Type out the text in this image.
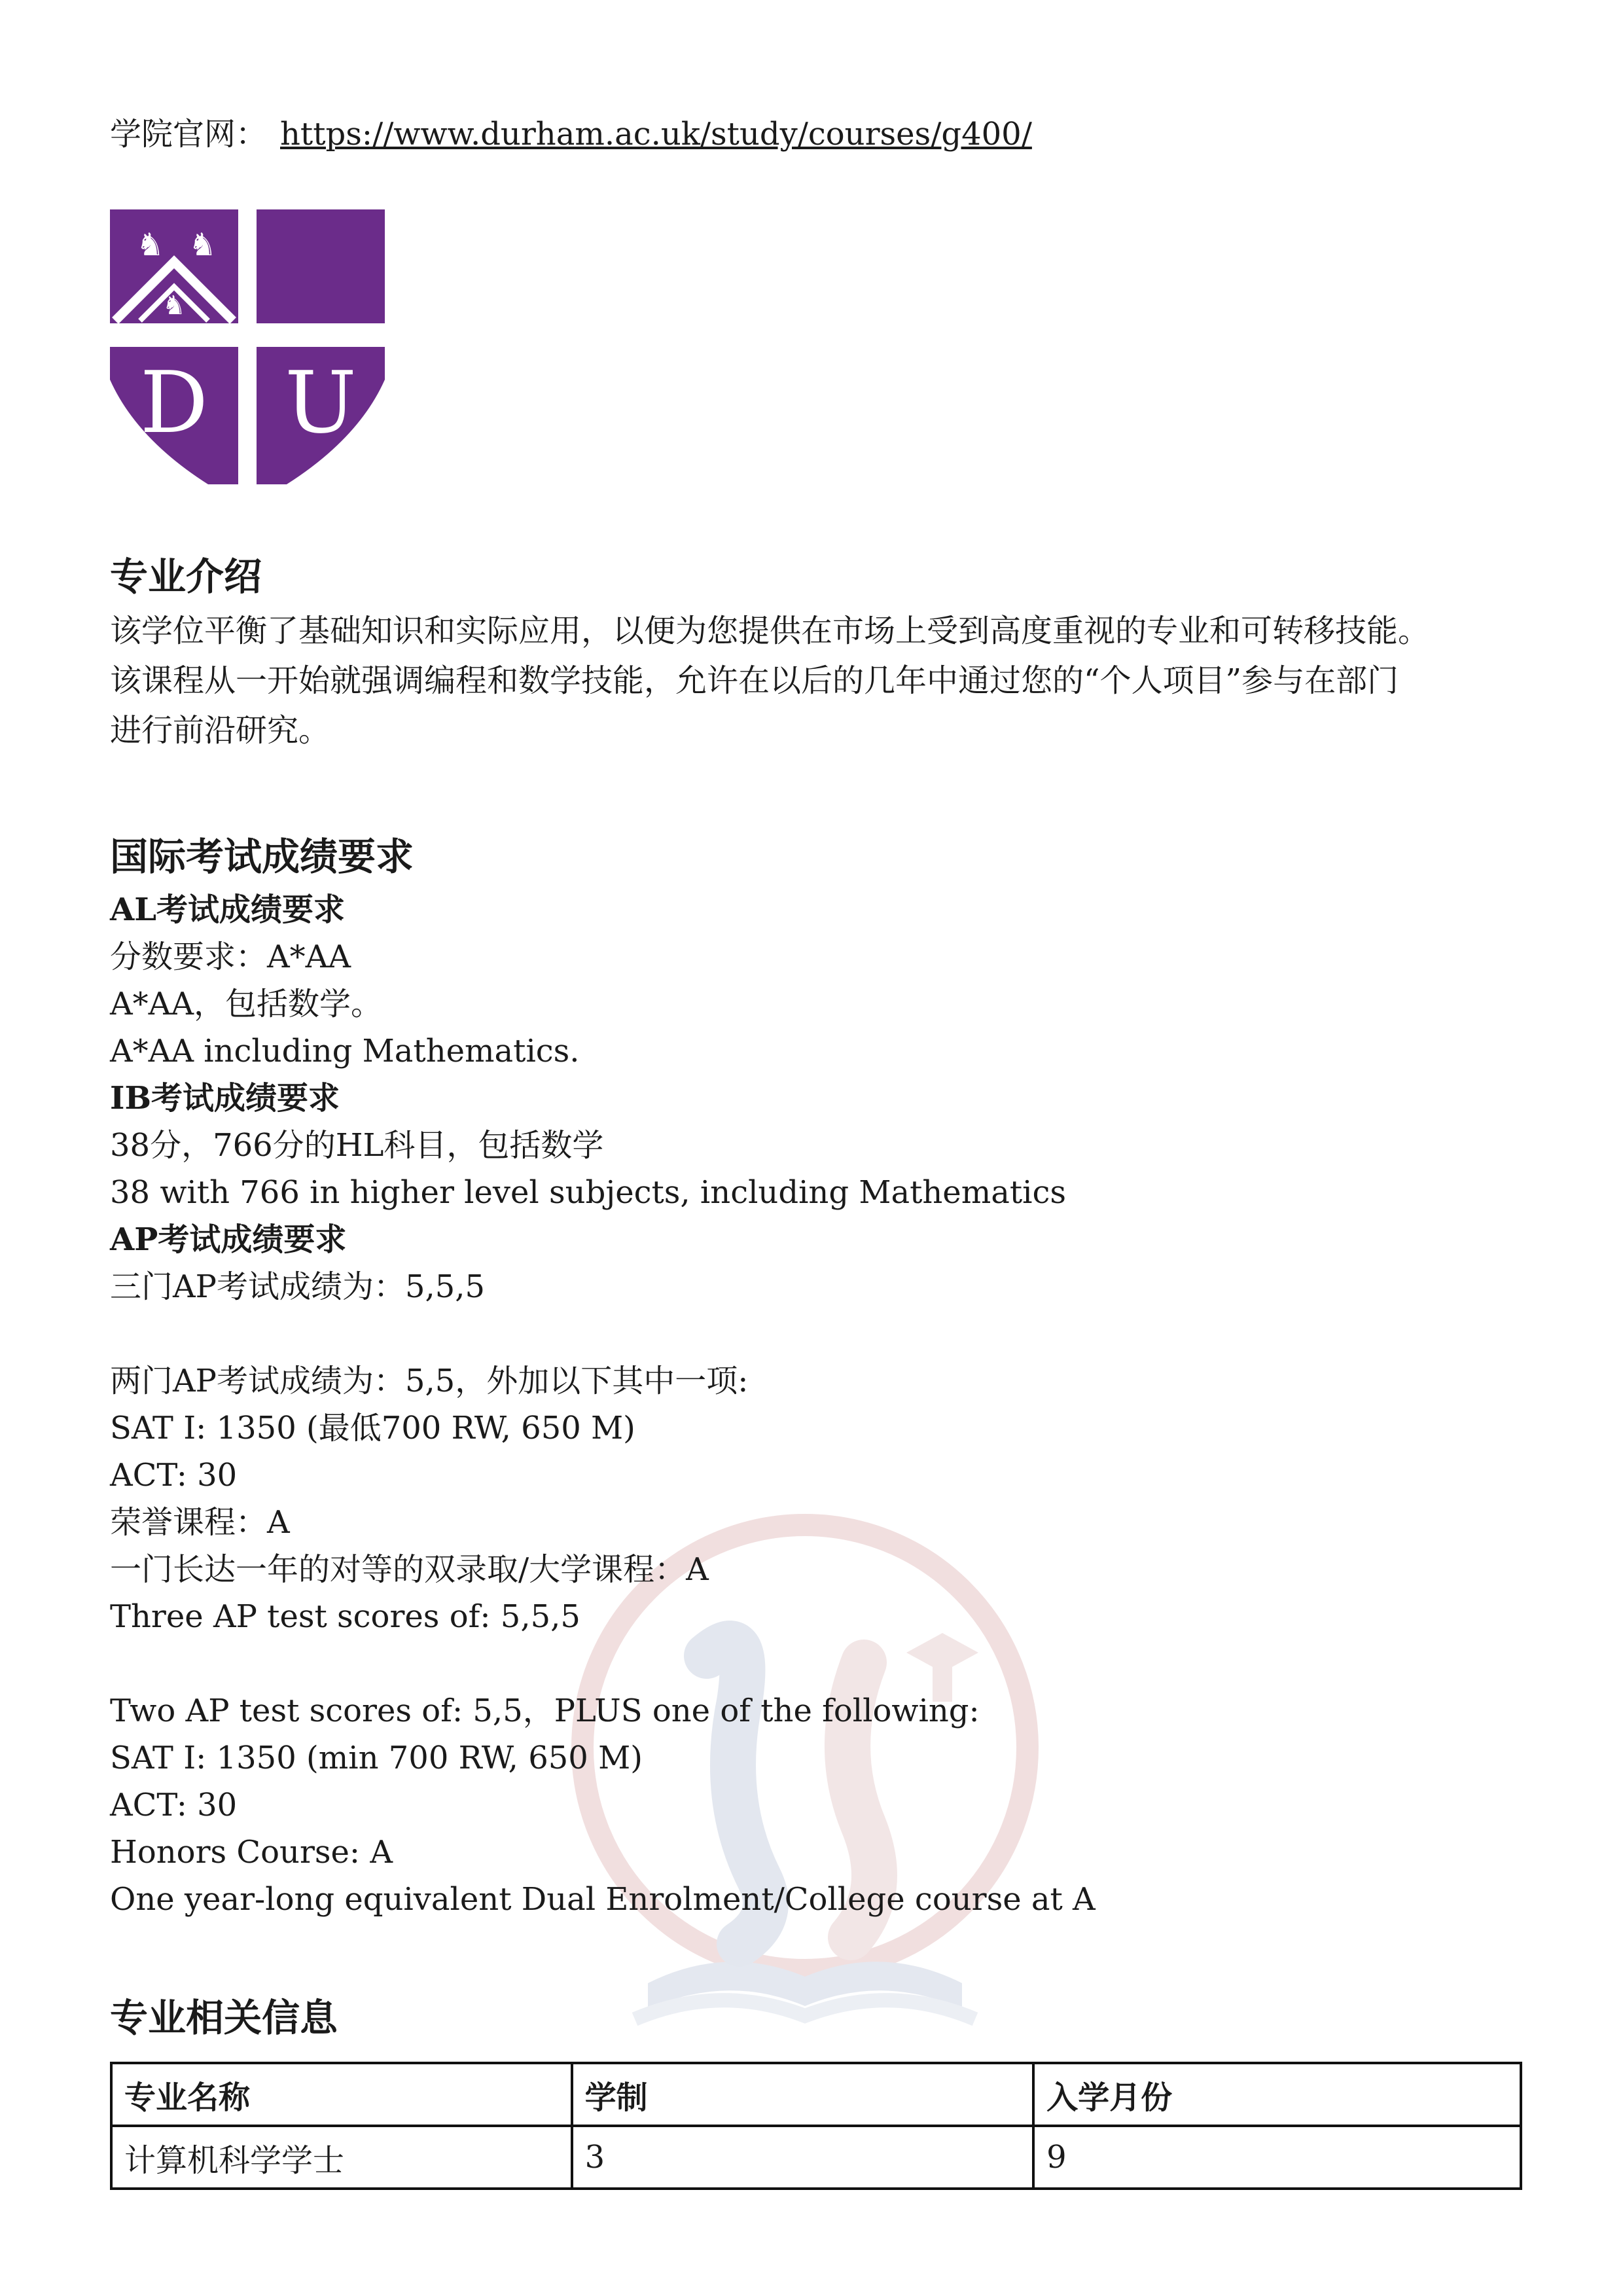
学院官网： https://www.durham.ac.uk/study/courses/g400/
♞ ♞
♞
D U
专业介绍

该学位平衡了基础知识和实际应用，以便为您提供在市场上受到高度重视的专业和可转移技能。

该课程从一开始就强调编程和数学技能，允许在以后的几年中通过您的“个人项目”参与在部门

进行前沿研究。

国际考试成绩要求
AL考试成绩要求

分数要求：A*AA

A*AA，包括数学。

A*AA including Mathematics.

IB考试成绩要求

38分，766分的HL科目，包括数学

38 with 766 in higher level subjects, including Mathematics

AP考试成绩要求

三门AP考试成绩为：5,5,5

两门AP考试成绩为：5,5，外加以下其中一项:

SAT I: 1350 (最低700 RW, 650 M)

ACT: 30

荣誉课程：A

一门长达一年的对等的双录取/大学课程：A

Three AP test scores of: 5,5,5

Two AP test scores of: 5,5，PLUS one of the following:

SAT I: 1350 (min 700 RW, 650 M)

ACT: 30

Honors Course: A

One year-long equivalent Dual Enrolment/College course at A

专业相关信息
专业名称	学制	入学月份
计算机科学学士	3	9
